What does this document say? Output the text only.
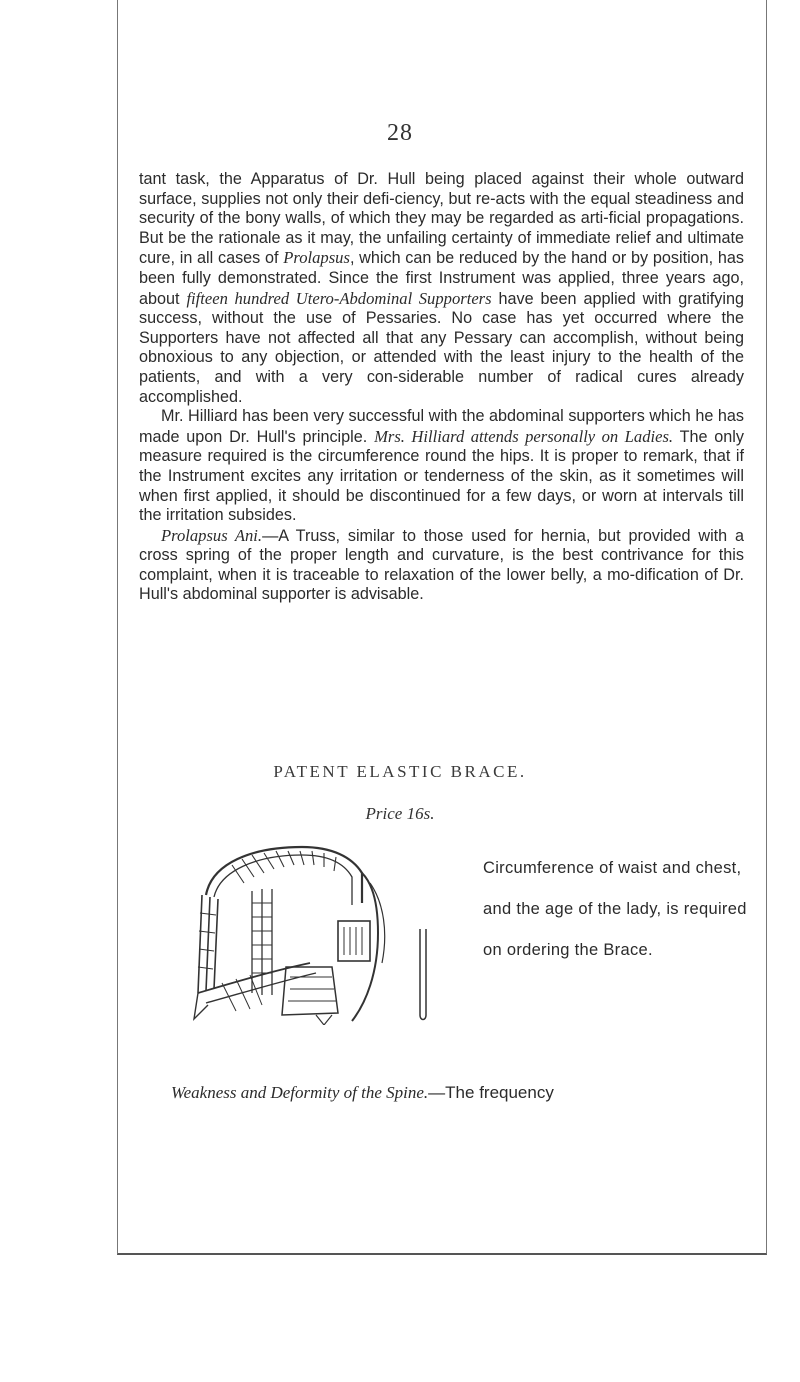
28

tant task, the Apparatus of Dr. Hull being placed against their whole outward surface, supplies not only their defi-ciency, but re-acts with the equal steadiness and security of the bony walls, of which they may be regarded as arti-ficial propagations. But be the rationale as it may, the unfailing certainty of immediate relief and ultimate cure, in all cases of Prolapsus, which can be reduced by the hand or by position, has been fully demonstrated. Since the first Instrument was applied, three years ago, about fifteen hundred Utero-Abdominal Supporters have been applied with gratifying success, without the use of Pessaries. No case has yet occurred where the Supporters have not affected all that any Pessary can accomplish, without being obnoxious to any objection, or attended with the least injury to the health of the patients, and with a very con-siderable number of radical cures already accomplished.

Mr. Hilliard has been very successful with the abdominal supporters which he has made upon Dr. Hull's principle. Mrs. Hilliard attends personally on Ladies. The only measure required is the circumference round the hips. It is proper to remark, that if the Instrument excites any irritation or tenderness of the skin, as it sometimes will when first applied, it should be discontinued for a few days, or worn at intervals till the irritation subsides.

Prolapsus Ani.—A Truss, similar to those used for hernia, but provided with a cross spring of the proper length and curvature, is the best contrivance for this complaint, when it is traceable to relaxation of the lower belly, a mo-dification of Dr. Hull's abdominal supporter is advisable.

PATENT ELASTIC BRACE.
Price 16s.
Circumference of waist and chest, and the age of the lady, is required on ordering the Brace.
Weakness and Deformity of the Spine.—The frequency
